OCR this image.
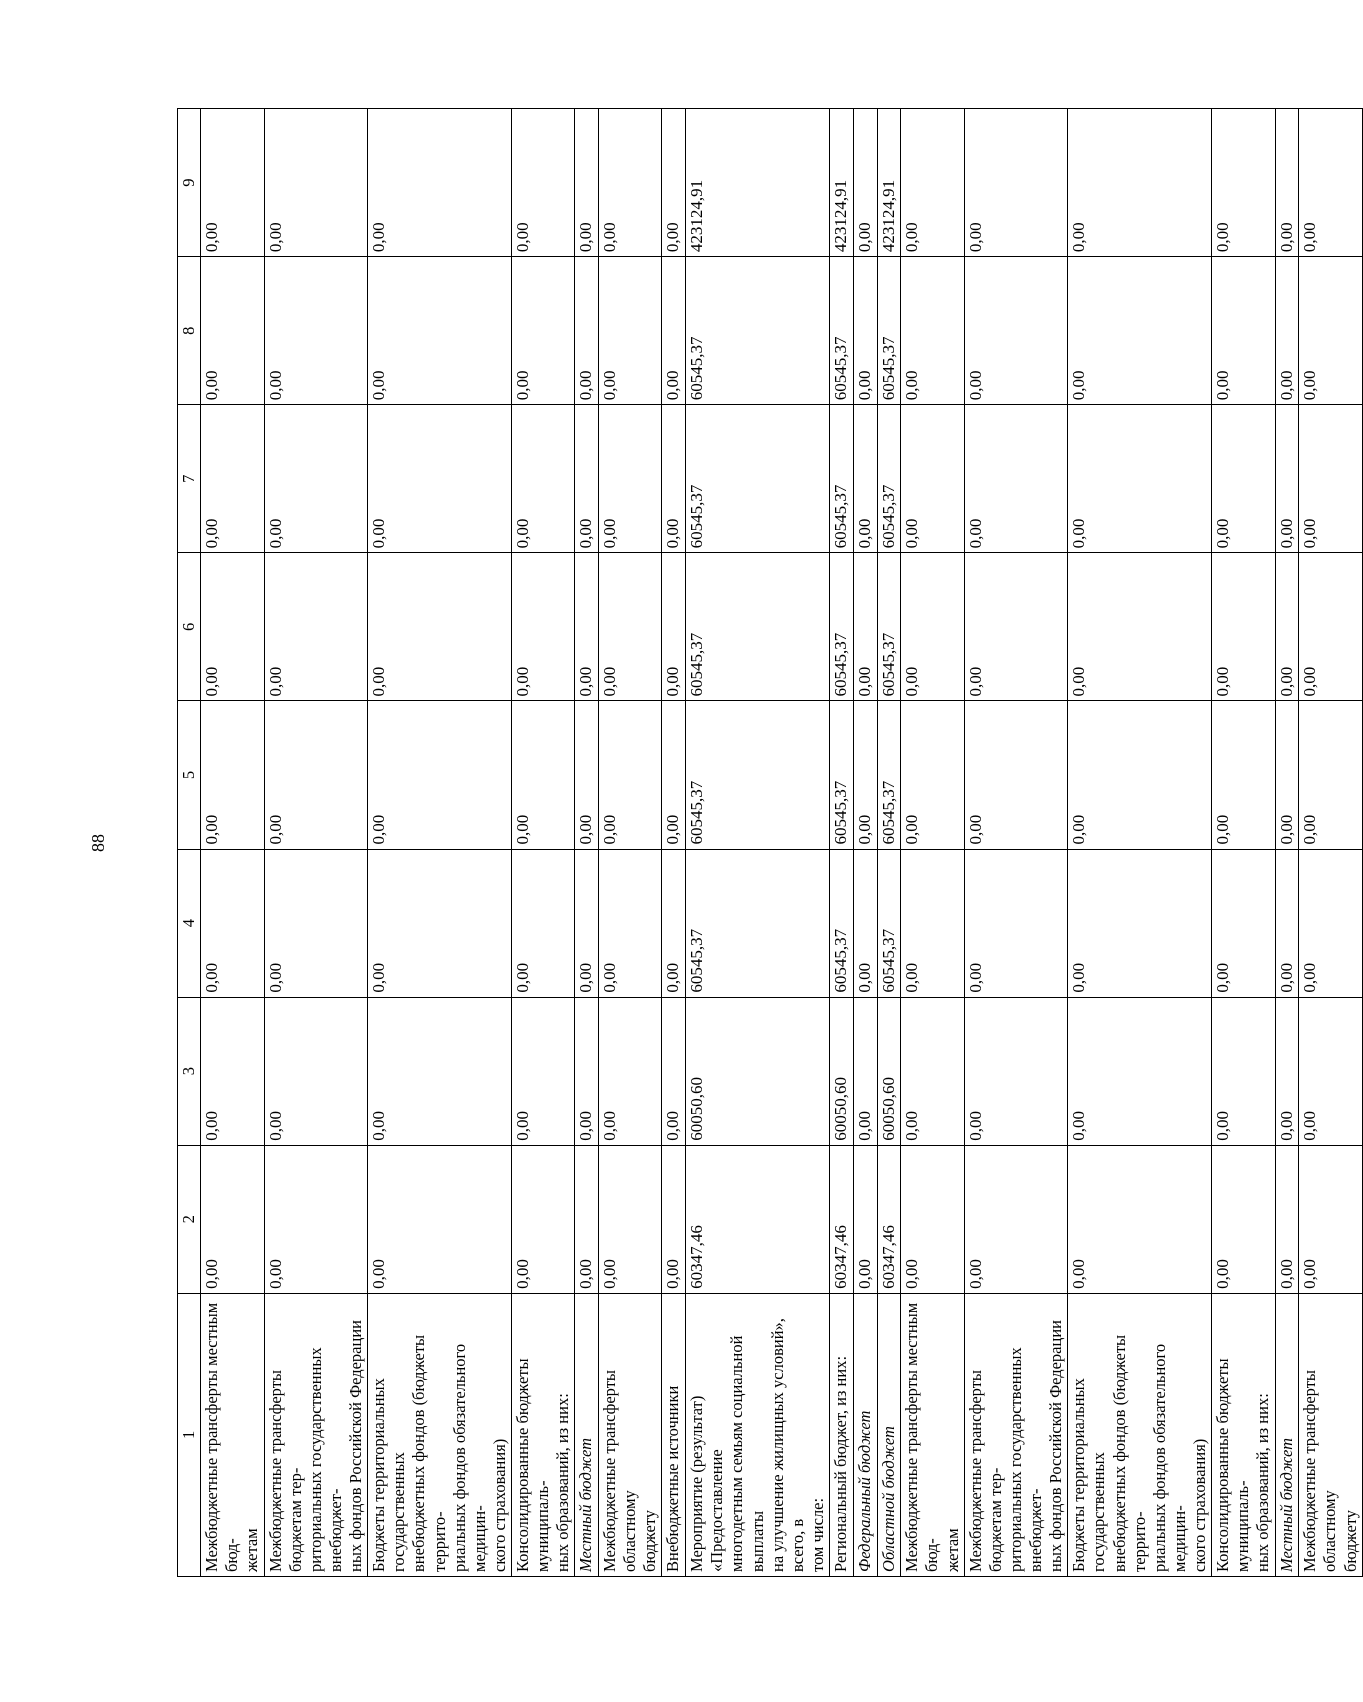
88
1	2	3	4	5	6	7	8	9

Межбюджетные трансферты местным бюд- жетам	0,00	0,00	0,00	0,00	0,00	0,00	0,00	0,00

Межбюджетные трансферты бюджетам тер- риториальных государственных внебюджет- ных фондов Российской Федерации	0,00	0,00	0,00	0,00	0,00	0,00	0,00	0,00

Бюджеты территориальных государственных внебюджетных фондов (бюджеты террито- риальных фондов обязательного медицин- ского страхования)	0,00	0,00	0,00	0,00	0,00	0,00	0,00	0,00

Консолидированные бюджеты муниципаль- ных образований, из них:	0,00	0,00	0,00	0,00	0,00	0,00	0,00	0,00

Местный бюджет	0,00	0,00	0,00	0,00	0,00	0,00	0,00	0,00

Межбюджетные трансферты областному бюджету	0,00	0,00	0,00	0,00	0,00	0,00	0,00	0,00

Внебюджетные источники	0,00	0,00	0,00	0,00	0,00	0,00	0,00	0,00

Мероприятие (результат) «Предоставление многодетным семьям социальной выплаты на улучшение жилищных условий», всего, в том числе:	60347,46	60050,60	60545,37	60545,37	60545,37	60545,37	60545,37	423124,91

Региональный бюджет, из них:	60347,46	60050,60	60545,37	60545,37	60545,37	60545,37	60545,37	423124,91

Федеральный бюджет	0,00	0,00	0,00	0,00	0,00	0,00	0,00	0,00

Областной бюджет	60347,46	60050,60	60545,37	60545,37	60545,37	60545,37	60545,37	423124,91

Межбюджетные трансферты местным бюд- жетам	0,00	0,00	0,00	0,00	0,00	0,00	0,00	0,00

Межбюджетные трансферты бюджетам тер- риториальных государственных внебюджет- ных фондов Российской Федерации	0,00	0,00	0,00	0,00	0,00	0,00	0,00	0,00

Бюджеты территориальных государственных внебюджетных фондов (бюджеты террито- риальных фондов обязательного медицин- ского страхования)	0,00	0,00	0,00	0,00	0,00	0,00	0,00	0,00

Консолидированные бюджеты муниципаль- ных образований, из них:	0,00	0,00	0,00	0,00	0,00	0,00	0,00	0,00

Местный бюджет	0,00	0,00	0,00	0,00	0,00	0,00	0,00	0,00

Межбюджетные трансферты областному бюджету	0,00	0,00	0,00	0,00	0,00	0,00	0,00	0,00
